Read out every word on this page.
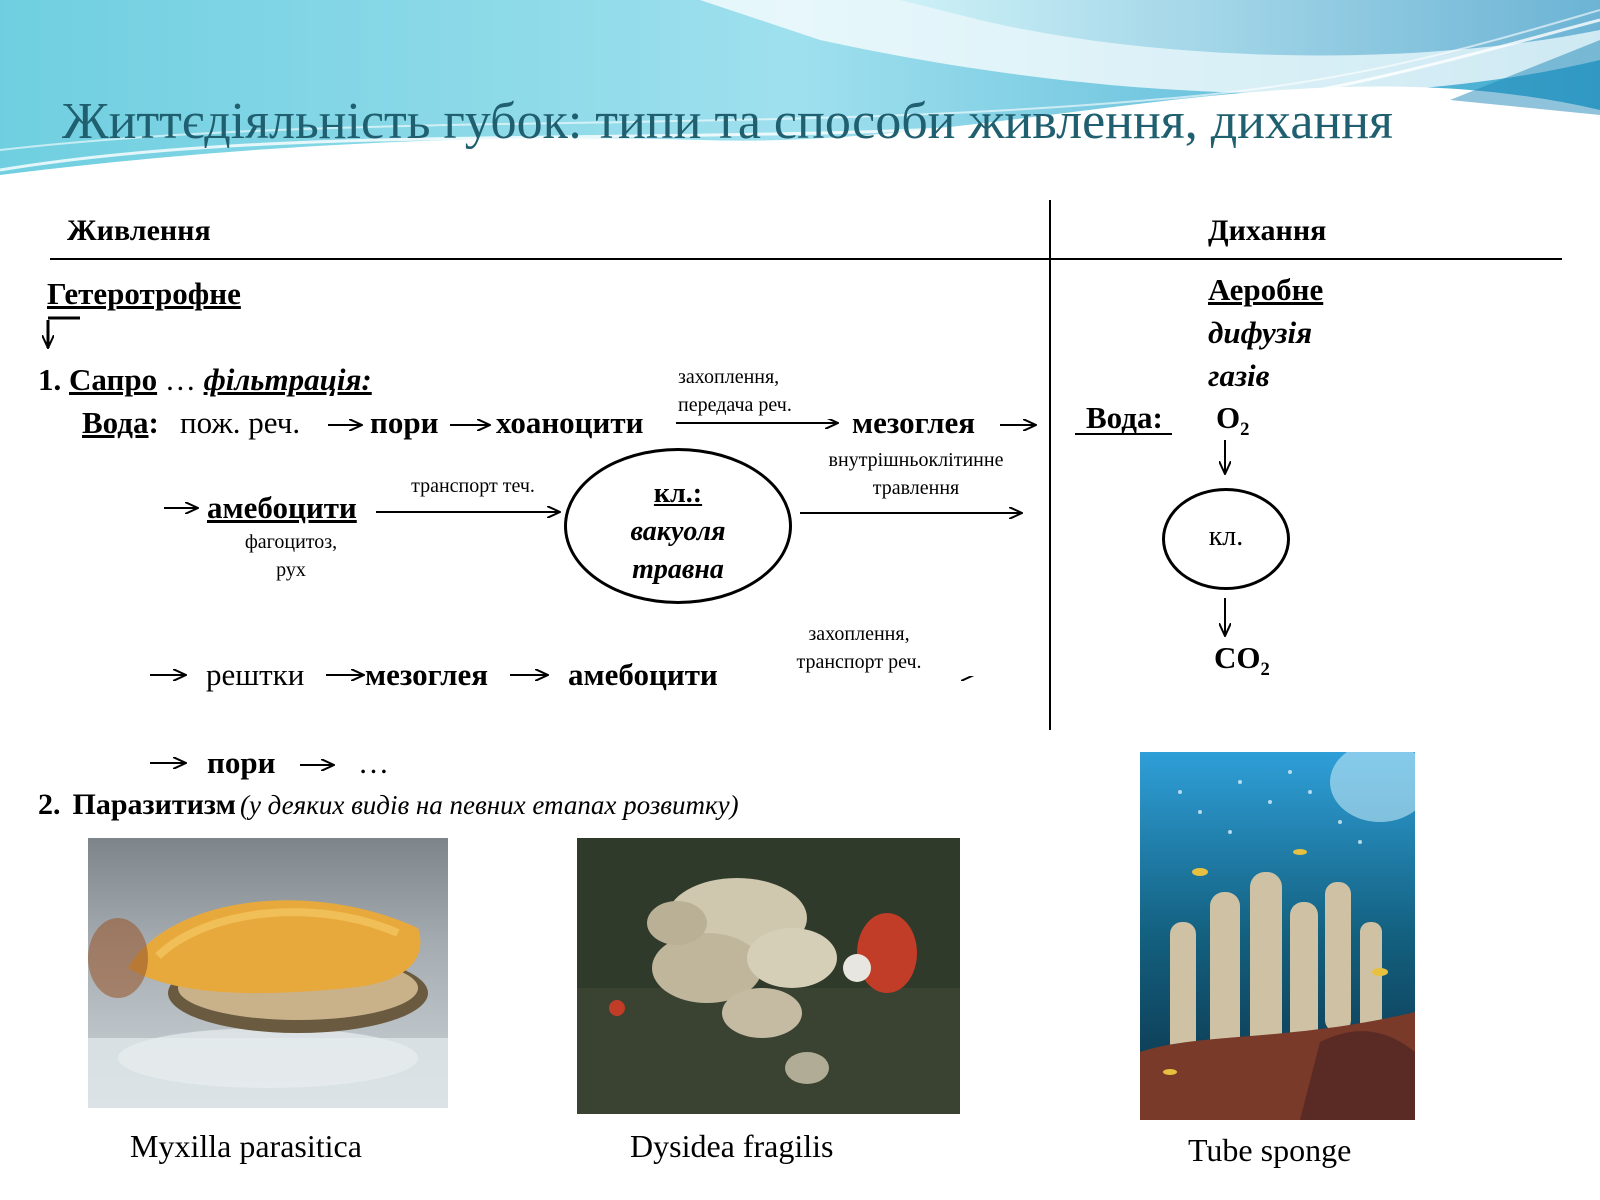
Життєдіяльність губок: типи та способи живлення, дихання
Живлення	Дихання
Гетеротрофне
1. Сапро … фільтрація:
Вода: пож. реч. пори хоаноцити
захоплення,
передача реч.	мезоглея
амебоцити
фагоцитоз,
рух
транспорт теч.	кл.:
вакуоля
травна
внутрішньоклітинне
травлення
рештки мезоглея	амебоцити
захоплення,
транспорт реч.
пори	…
2. Паразитизм (у деяких видів на певних етапах розвитку)
Аеробне
дифузія
газів
Вода: $O_2$
кл.
$CO_2$
Myxilla parasitica	Dysidea fragilis	Tube sponge
